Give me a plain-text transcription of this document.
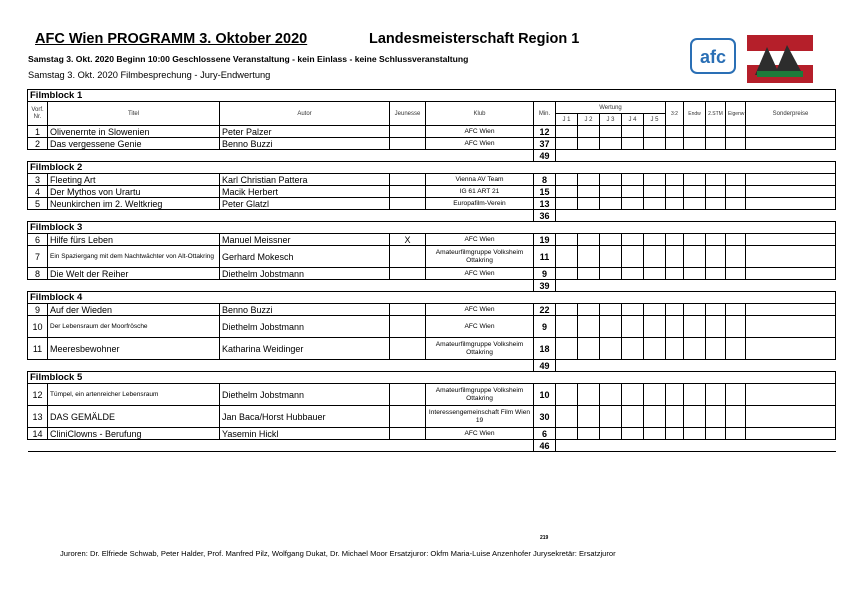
AFC Wien PROGRAMM 3. Oktober 2020	Landesmeisterschaft Region 1
Samstag 3. Okt. 2020 Beginn 10:00 Geschlossene Veranstaltung - kein Einlass - keine Schlussveranstaltung
Samstag 3. Okt. 2020 Filmbesprechung - Jury-Endwertung
afc
Filmblock 1															
Vorf. Nr.	Titel	Autor	Jeunesse	Klub	Min.	Wertung					3:2	Endw	2.STM	Eigenw	Sonderpreise
						J 1	J 2	J 3	J 4	J 5					
1	Olivenernte in Slowenien	Peter Palzer		AFC Wien	12										
2	Das vergessene Genie	Benno Buzzi		AFC Wien	37										
					49										
Filmblock 2															
3	Fleeting Art	Karl Christian Pattera		Vienna AV Team	8										
4	Der Mythos von Urartu	Macik Herbert		IG 61 ART 21	15										
5	Neunkirchen im 2. Weltkrieg	Peter Glatzl		Europafilm-Verein	13										
					36										
Filmblock 3															
6	Hilfe fürs Leben	Manuel Meissner	X	AFC Wien	19										
7	Ein Spaziergang mit dem Nachtwächter von Alt-Ottakring	Gerhard Mokesch		Amateurfilmgruppe Volksheim Ottakring	11										
8	Die Welt der Reiher	Diethelm Jobstmann		AFC Wien	9										
					39										
Filmblock 4															
9	Auf der Wieden	Benno Buzzi		AFC Wien	22										
10	Der Lebensraum der Moorfrösche	Diethelm Jobstmann		AFC Wien	9										
11	Meeresbewohner	Katharina Weidinger		Amateurfilmgruppe Volksheim Ottakring	18										
					49										
Filmblock 5															
12	Tümpel, ein artenreicher Lebensraum	Diethelm Jobstmann		Amateurfilmgruppe Volksheim Ottakring	10										
13	DAS GEMÄLDE	Jan Baca/Horst Hubbauer		Interessengemeinschaft Film Wien 19	30										
14	CliniClowns - Berufung	Yasemin Hickl		AFC Wien	6										
					46										
219
Juroren: Dr. Elfriede Schwab, Peter Halder, Prof. Manfred Pilz, Wolfgang Dukat, Dr. Michael Moor Ersatzjuror: Okfm Maria-Luise Anzenhofer Jurysekretär: Ersatzjuror
